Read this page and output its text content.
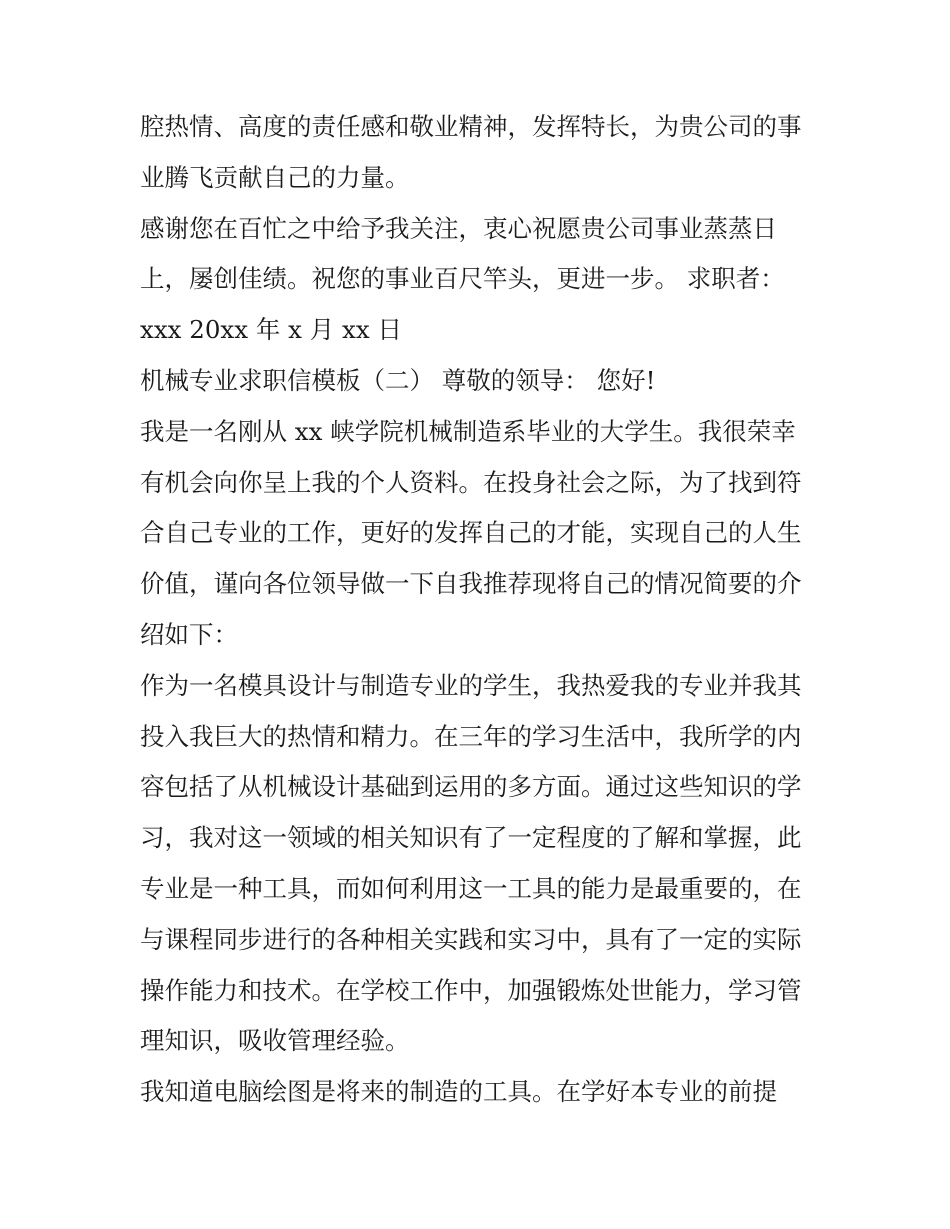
腔热情、高度的责任感和敬业精神，发挥特长，为贵公司的事
业腾飞贡献自己的力量。
感谢您在百忙之中给予我关注，衷心祝愿贵公司事业蒸蒸日
上，屡创佳绩。祝您的事业百尺竿头，更进一步。 求职者：
xxx 20xx 年 x 月 xx 日
机械专业求职信模板（二） 尊敬的领导： 您好!
我是一名刚从 xx 峡学院机械制造系毕业的大学生。我很荣幸
有机会向你呈上我的个人资料。在投身社会之际，为了找到符
合自己专业的工作，更好的发挥自己的才能，实现自己的人生
价值，谨向各位领导做一下自我推荐现将自己的情况简要的介
绍如下：
作为一名模具设计与制造专业的学生，我热爱我的专业并我其
投入我巨大的热情和精力。在三年的学习生活中，我所学的内
容包括了从机械设计基础到运用的多方面。通过这些知识的学
习，我对这一领域的相关知识有了一定程度的了解和掌握，此
专业是一种工具，而如何利用这一工具的能力是最重要的，在
与课程同步进行的各种相关实践和实习中，具有了一定的实际
操作能力和技术。在学校工作中，加强锻炼处世能力，学习管
理知识，吸收管理经验。
我知道电脑绘图是将来的制造的工具。在学好本专业的前提
